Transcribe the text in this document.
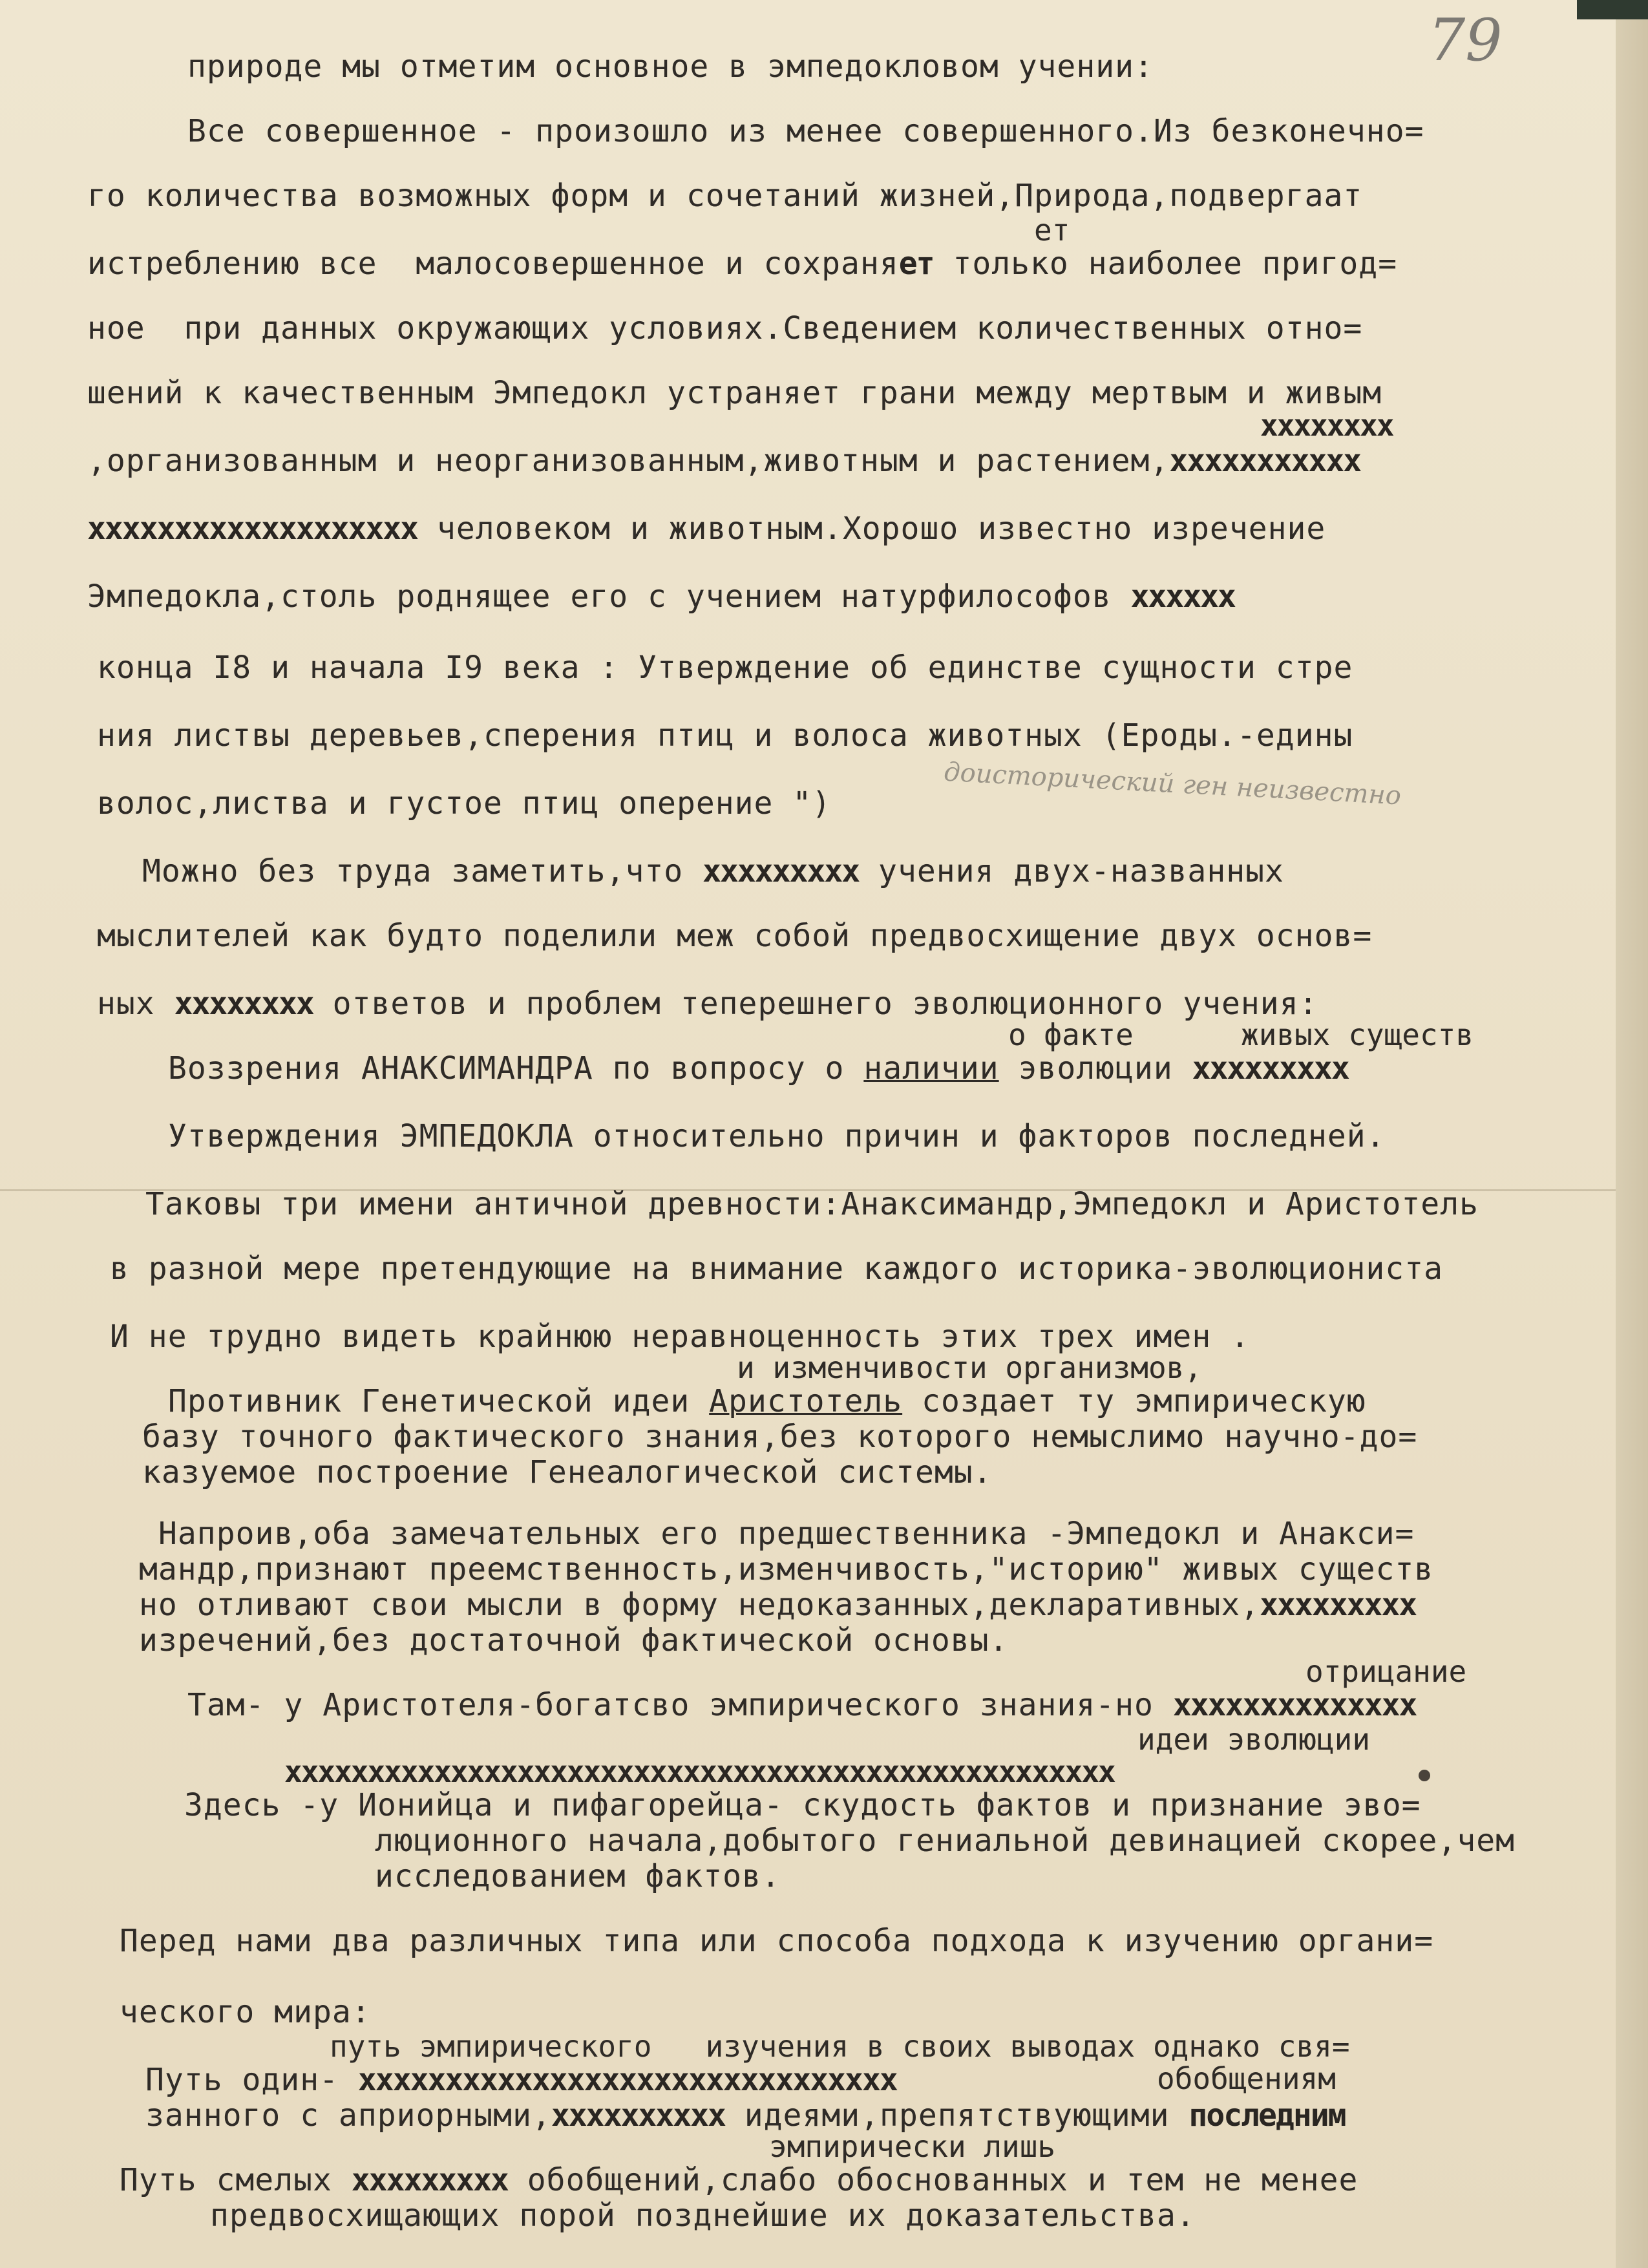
79

природе мы отметим основное в эмпедокловом учении:

Все совершенное - произошло из менее совершенного.Из безконечно=

го количества возможных форм и сочетаний жизней,Природа,подвергаат

ет

истреблению все  малосовершенное и сохраняет только наиболее пригод=

ное  при данных окружающих условиях.Сведением количественных отно=

шений к качественным Эмпедокл устраняет грани между мертвым и живым

xxxxxxxx

,организованным и неорганизованным,животным и растением,xxxxxxxxxxx

xxxxxxxxxxxxxxxxxxx человеком и животным.Хорошо известно изречение

Эмпедокла,столь роднящее его с учением натурфилософов xxxxxx

конца I8 и начала I9 века : Утверждение об единстве сущности стре

ния листвы деревьев,сперения птиц и волоса животных (Ероды.-едины

волос,листва и густое птиц оперение ")	доисторический ген неизвестно

Можно без труда заметить,что xxxxxxxxx учения двух-названных

мыслителей как будто поделили меж собой предвосхищение двух основ=

ных xxxxxxxx ответов и проблем теперешнего эволюционного учения:

о факте      живых существ

Воззрения АНАКСИМАНДРА по вопросу о наличии эволюции xxxxxxxxx

Утверждения ЭМПЕДОКЛА относительно причин и факторов последней.

Таковы три имени античной древности:Анаксимандр,Эмпедокл и Аристотель

в разной мере претендующие на внимание каждого историка-эволюциониста

И не трудно видеть крайнюю неравноценность этих трех имен .

и изменчивости организмов,

Противник Генетической идеи Аристотель создает ту эмпирическую

базу точного фактического знания,без которого немыслимо научно-до=

казуемое построение Генеалогической системы.

Напроив,оба замечательных его предшественника -Эмпедокл и Анакси=

мандр,признают преемственность,изменчивость,"историю" живых существ

но отливают свои мысли в форму недоказанных,декларативных,xxxxxxxxx

изречений,без достаточной фактической основы.

отрицание

Там- у Аристотеля-богатсво эмпирического знания-но xxxxxxxxxxxxxx

идеи эволюции

xxxxxxxxxxxxxxxxxxxxxxxxxxxxxxxxxxxxxxxxxxxxxxxxxx

Здесь -у Ионийца и пифагорейца- скудость фактов и признание эво=

люционного начала,добытого гениальной девинацией скорее,чем

исследованием фактов.

Перед нами два различных типа или способа подхода к изучению органи=

ческого мира:

путь эмпирического   изучения в своих выводах однако свя=

Путь один- xxxxxxxxxxxxxxxxxxxxxxxxxxxxxxx	обобщениям

занного с априорными,xxxxxxxxxx идеями,препятствующими последним

эмпирически лишь

Путь смелых xxxxxxxxx обобщений,слабо обоснованных и тем не менее

предвосхищающих порой позднейшие их доказательства.
